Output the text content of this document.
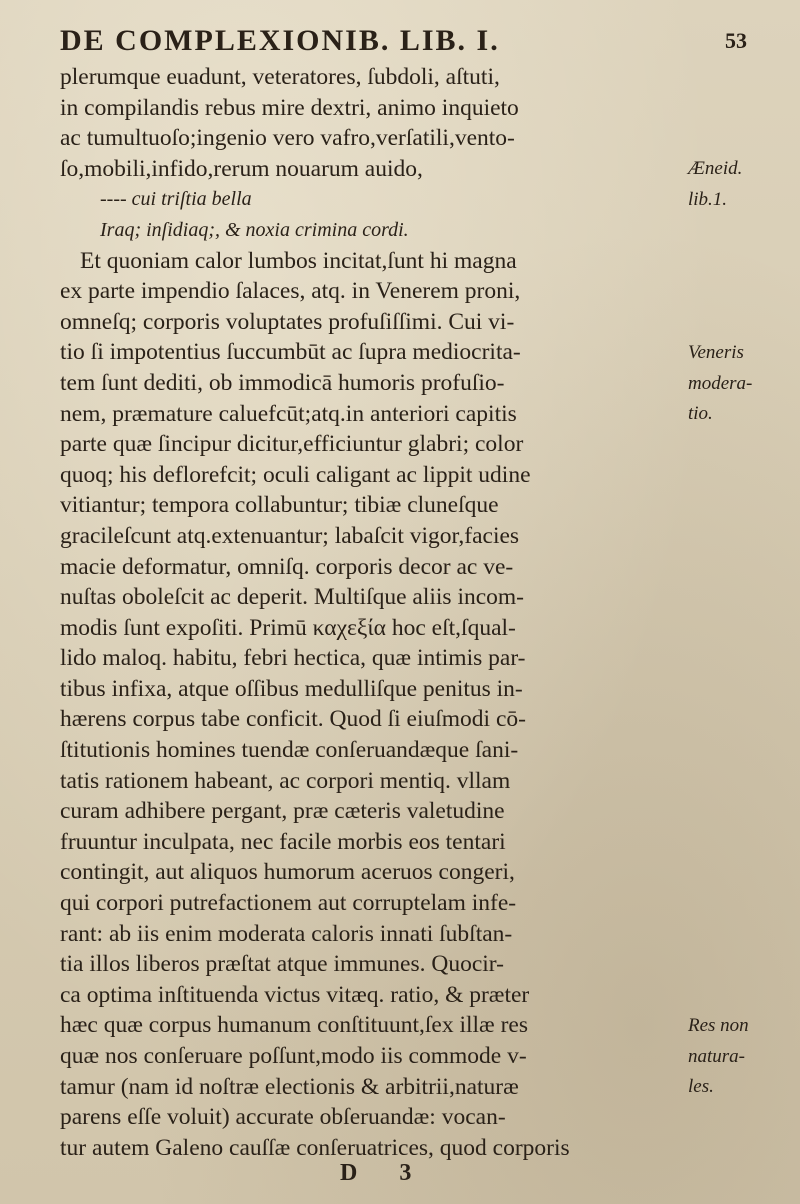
DE COMPLEXIONIB. LIB. I.	53
plerumque euadunt, veteratores, ſubdoli, aſtuti,
in compilandis rebus mire dextri, animo inquieto
ac tumultuoſo;ingenio vero vafro,verſatili,vento-
ſo,mobili,infido,rerum nouarum auido,
---- cui triſtia bella
Iraq; inſidiaq;, & noxia crimina cordi.
Et quoniam calor lumbos incitat,ſunt hi magna
ex parte impendio ſalaces, atq. in Venerem proni,
omneſq; corporis voluptates profuſiſſimi. Cui vi-
tio ſi impotentius ſuccumbūt ac ſupra mediocrita-
tem ſunt dediti, ob immodicā humoris profuſio-
nem, præmature caluefcūt;atq.in anteriori capitis
parte quæ ſincipur dicitur,efficiuntur glabri; color
quoq; his deflorefcit; oculi caligant ac lippit udine
vitiantur; tempora collabuntur; tibiæ cluneſque
gracileſcunt atq.extenuantur; labaſcit vigor,facies
macie deformatur, omniſq. corporis decor ac ve-
nuſtas oboleſcit ac deperit. Multiſque aliis incom-
modis ſunt expoſiti. Primū καχεξία hoc eſt,ſqual-
lido maloq. habitu, febri hectica, quæ intimis par-
tibus infixa, atque oſſibus medulliſque penitus in-
hærens corpus tabe conficit. Quod ſi eiuſmodi cō-
ſtitutionis homines tuendæ conſeruandæque ſani-
tatis rationem habeant, ac corpori mentiq. vllam
curam adhibere pergant, præ cæteris valetudine
fruuntur inculpata, nec facile morbis eos tentari
contingit, aut aliquos humorum aceruos congeri,
qui corpori putrefactionem aut corruptelam infe-
rant: ab iis enim moderata caloris innati ſubſtan-
tia illos liberos præſtat atque immunes. Quocir-
ca optima inſtituenda victus vitæq. ratio, & præter
hæc quæ corpus humanum conſtituunt,ſex illæ res
quæ nos conſeruare poſſunt,modo iis commode v-
tamur (nam id noſtræ electionis & arbitrii,naturæ
parens eſſe voluit) accurate obſeruandæ: vocan-
tur autem Galeno cauſſæ conſeruatrices, quod corporis
Æneid.
lib.1.
Veneris
modera-
tio.
Res non
natura-
les.
D 3
